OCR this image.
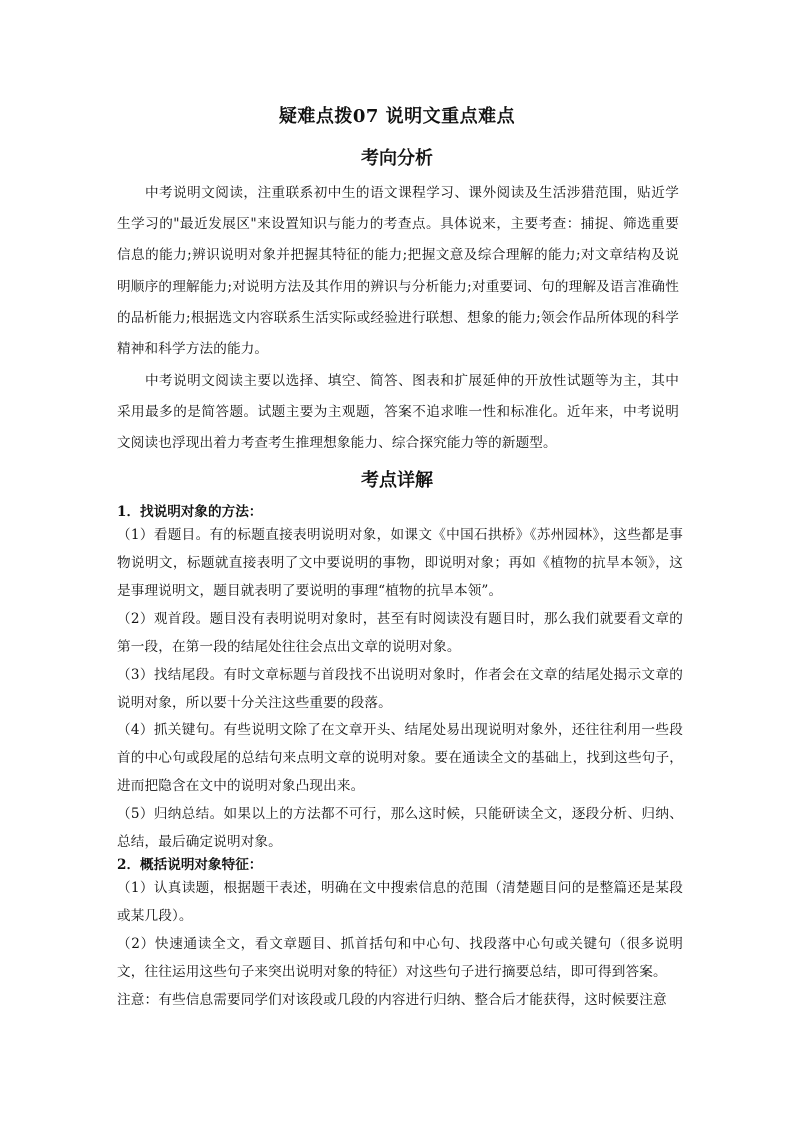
疑难点拨07 说明文重点难点
考向分析
中考说明文阅读，注重联系初中生的语文课程学习、课外阅读及生活涉猎范围，贴近学生学习的"最近发展区"来设置知识与能力的考查点。具体说来，主要考查：捕捉、筛选重要信息的能力;辨识说明对象并把握其特征的能力;把握文意及综合理解的能力;对文章结构及说明顺序的理解能力;对说明方法及其作用的辨识与分析能力;对重要词、句的理解及语言准确性的品析能力;根据选文内容联系生活实际或经验进行联想、想象的能力;领会作品所体现的科学精神和科学方法的能力。
中考说明文阅读主要以选择、填空、简答、图表和扩展延伸的开放性试题等为主，其中采用最多的是简答题。试题主要为主观题，答案不追求唯一性和标准化。近年来，中考说明文阅读也浮现出着力考查考生推理想象能力、综合探究能力等的新题型。
考点详解
1．找说明对象的方法：
（1）看题目。有的标题直接表明说明对象，如课文《中国石拱桥》《苏州园林》，这些都是事物说明文，标题就直接表明了文中要说明的事物，即说明对象；再如《植物的抗旱本领》，这是事理说明文，题目就表明了要说明的事理“植物的抗旱本领”。
（2）观首段。题目没有表明说明对象时，甚至有时阅读没有题目时，那么我们就要看文章的第一段，在第一段的结尾处往往会点出文章的说明对象。
（3）找结尾段。有时文章标题与首段找不出说明对象时，作者会在文章的结尾处揭示文章的说明对象，所以要十分关注这些重要的段落。
（4）抓关键句。有些说明文除了在文章开头、结尾处易出现说明对象外，还往往利用一些段首的中心句或段尾的总结句来点明文章的说明对象。要在通读全文的基础上，找到这些句子，进而把隐含在文中的说明对象凸现出来。
（5）归纳总结。如果以上的方法都不可行，那么这时候，只能研读全文，逐段分析、归纳、总结，最后确定说明对象。
2．概括说明对象特征：
（1）认真读题，根据题干表述，明确在文中搜索信息的范围（清楚题目问的是整篇还是某段或某几段）。
（2）快速通读全文，看文章题目、抓首括句和中心句、找段落中心句或关键句（很多说明文，往往运用这些句子来突出说明对象的特征）对这些句子进行摘要总结，即可得到答案。
注意：有些信息需要同学们对该段或几段的内容进行归纳、整合后才能获得，这时候要注意
